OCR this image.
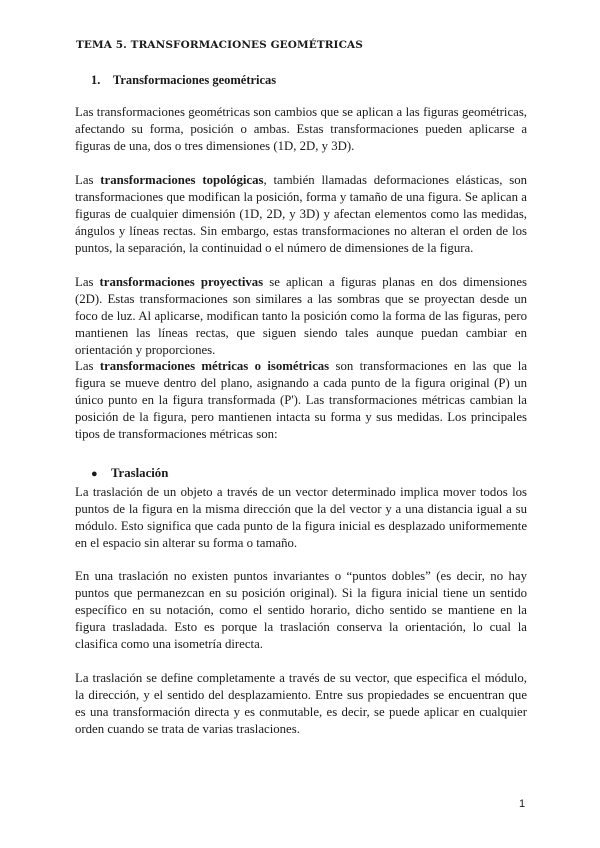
TEMA 5. TRANSFORMACIONES GEOMÉTRICAS
1. Transformaciones geométricas

Las transformaciones geométricas son cambios que se aplican a las figuras geométricas, afectando su forma, posición o ambas. Estas transformaciones pueden aplicarse a figuras de una, dos o tres dimensiones (1D, 2D, y 3D).

Las transformaciones topológicas, también llamadas deformaciones elásticas, son transformaciones que modifican la posición, forma y tamaño de una figura. Se aplican a figuras de cualquier dimensión (1D, 2D, y 3D) y afectan elementos como las medidas, ángulos y líneas rectas. Sin embargo, estas transformaciones no alteran el orden de los puntos, la separación, la continuidad o el número de dimensiones de la figura.

Las transformaciones proyectivas se aplican a figuras planas en dos dimensiones (2D). Estas transformaciones son similares a las sombras que se proyectan desde un foco de luz. Al aplicarse, modifican tanto la posición como la forma de las figuras, pero mantienen las líneas rectas, que siguen siendo tales aunque puedan cambiar en orientación y proporciones.

Las transformaciones métricas o isométricas son transformaciones en las que la figura se mueve dentro del plano, asignando a cada punto de la figura original (P) un único punto en la figura transformada (P'). Las transformaciones métricas cambian la posición de la figura, pero mantienen intacta su forma y sus medidas. Los principales tipos de transformaciones métricas son:

● Traslación

La traslación de un objeto a través de un vector determinado implica mover todos los puntos de la figura en la misma dirección que la del vector y a una distancia igual a su módulo. Esto significa que cada punto de la figura inicial es desplazado uniformemente en el espacio sin alterar su forma o tamaño.

En una traslación no existen puntos invariantes o “puntos dobles” (es decir, no hay puntos que permanezcan en su posición original). Si la figura inicial tiene un sentido específico en su notación, como el sentido horario, dicho sentido se mantiene en la figura trasladada. Esto es porque la traslación conserva la orientación, lo cual la clasifica como una isometría directa.

La traslación se define completamente a través de su vector, que especifica el módulo, la dirección, y el sentido del desplazamiento. Entre sus propiedades se encuentran que es una transformación directa y es conmutable, es decir, se puede aplicar en cualquier orden cuando se trata de varias traslaciones.

1
